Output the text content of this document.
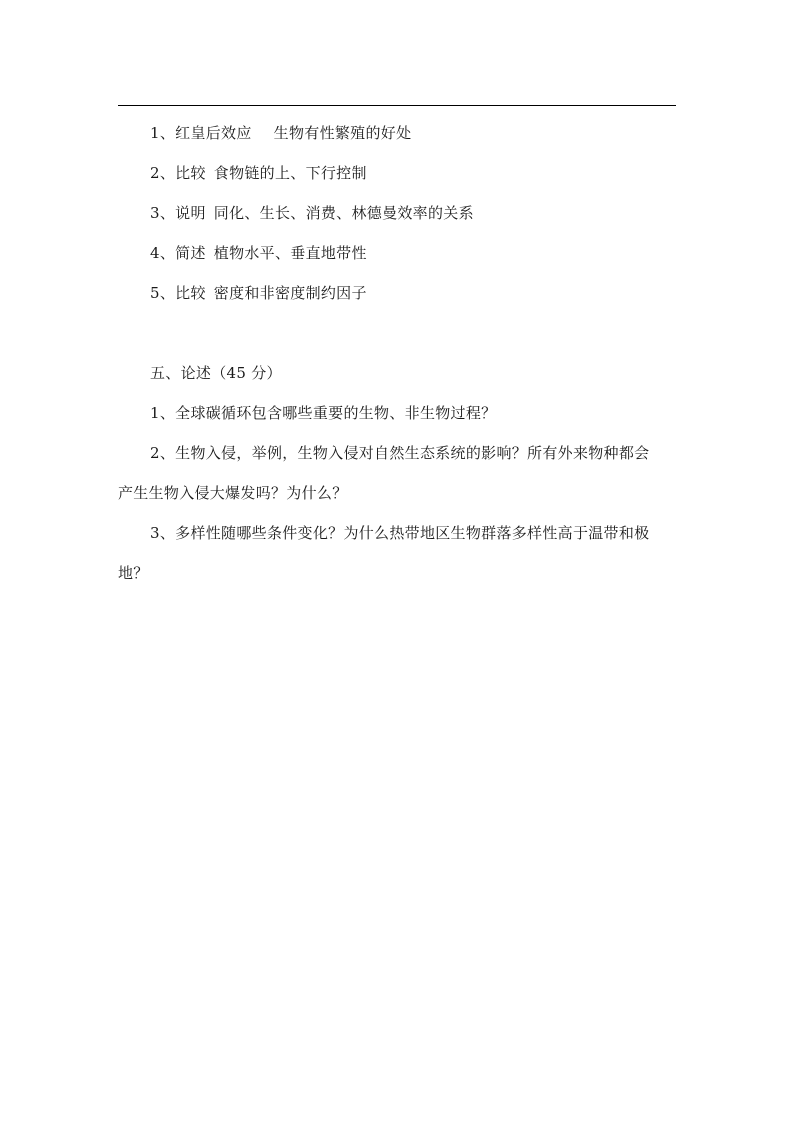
1、红皇后效应 生物有性繁殖的好处
2、比较 食物链的上、下行控制
3、说明 同化、生长、消费、林德曼效率的关系
4、简述 植物水平、垂直地带性
5、比较 密度和非密度制约因子
五、论述（45 分）
1、全球碳循环包含哪些重要的生物、非生物过程？
2、生物入侵，举例，生物入侵对自然生态系统的影响？所有外来物种都会
产生生物入侵大爆发吗？为什么？
3、多样性随哪些条件变化？为什么热带地区生物群落多样性高于温带和极
地？
